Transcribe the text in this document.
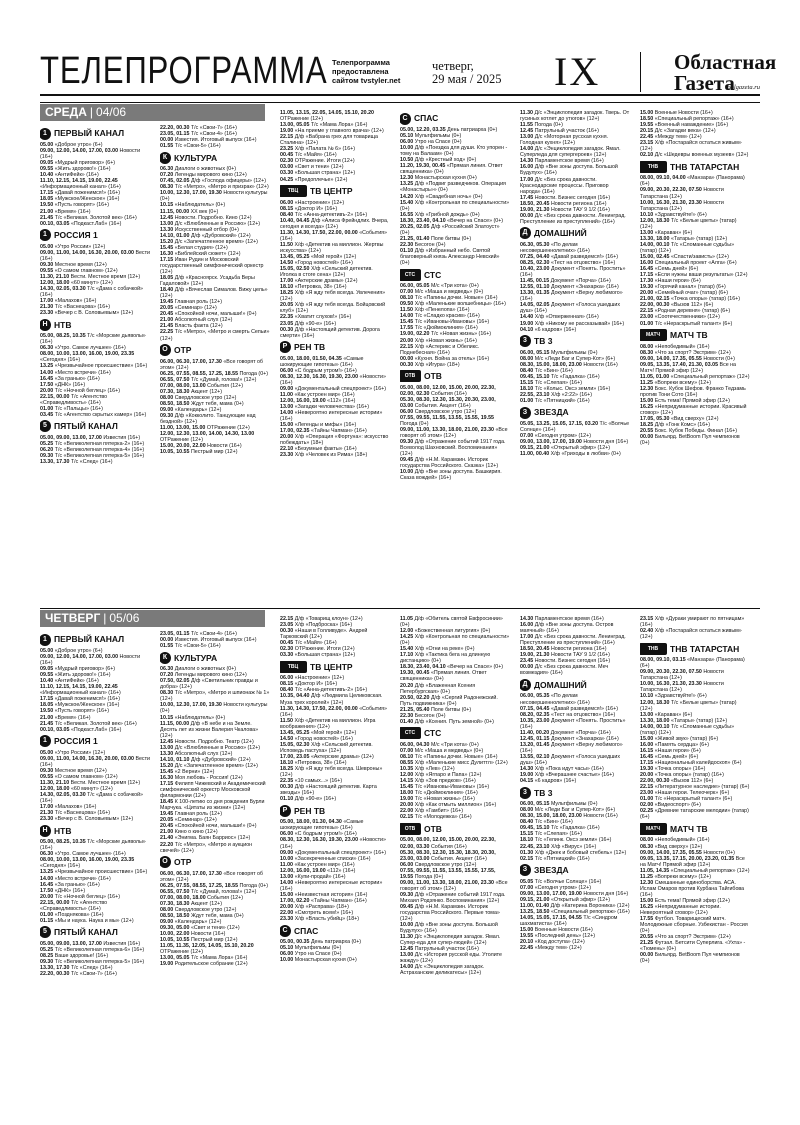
ТЕЛЕПРОГРАММА Телепрограмма предоставлена сайтом tvstyler.net
четверг,
29 мая / 2025 IX	Областная
Газета
oblgazeta.ru
СРЕДА | 04/06
1 ПЕРВЫЙ КАНАЛ

05.00 «Доброе утро» (6+)

09.00, 12.00, 14.00, 17.00, 03.00 Новости (16+)

09.05 «Мудрый приговор» (6+)

09.55 «Жить здорово!» (16+)

10.40 «АнтиФейк» (16+)

11.10, 12.15, 14.15, 19.00, 22.45 «Информационный канал» (16+)

17.15 «Давай поженимся!» (16+)

18.05 «Мужское/Женское» (16+)

19.50 «Пусть говорят» (16+)

21.00 «Время» (16+)

21.45 Т/с «Великая. Золотой век» (16+)

00.10, 03.05 «Подкаст.Лаб» (16+)

1 РОССИЯ 1

05.00 «Утро России» (12+)

09.00, 11.00, 14.00, 16.30, 20.00, 03.00 Вести (16+)

09.30 Местное время (12+)

09.55 «О самом главном» (12+)

11.30, 21.10 Вести. Местное время (12+)

12.00, 18.00 «60 минут» (12+)

14.30, 02.05, 03.30 Т/с «Дама с собачкой» (16+)

17.00 «Малахов» (16+)

21.30 Т/с «Васнецова» (16+)

23.30 «Вечер с В. Соловьевым» (12+)

Н НТВ

05.00, 08.25, 10.35 Т/с «Морские дьяволы» (16+)

06.30 «Утро. Самое лучшее» (16+)

08.00, 10.00, 13.00, 16.00, 19.00, 23.35 «Сегодня» (16+)

13.25 «Чрезвычайное происшествие» (16+)

14.00 «Место встречи» (16+)

16.45 «За гранью» (16+)

17.50 «ДНК» (16+)

20.00 Т/с «Ночной беглец» (16+)

22.15, 00.00 Т/с «Агентство «Справедливость» (16+)

01.00 Т/с «Пальцы» (16+)

03.45 Т/с «Агентство скрытых камер» (16+)

5 ПЯТЫЙ КАНАЛ

05.00, 09.00, 13.00, 17.00 Известия (16+)

05.25 Т/с «Великолепная пятерка-2» (16+)

06.20 Т/с «Великолепная пятерка-4» (16+)

09.30 Т/с «Великолепная пятерка-5» (16+)

13.30, 17.30 Т/с «След» (16+)

22.20, 00.30 Т/с «Свои-7» (16+)

23.05, 01.15 Т/с «Свои-4» (16+)

00.00 Известия. Итоговый выпуск (16+)

01.55 Т/с «Свои-5» (16+)

К КУЛЬТУРА

06.30 Диалоги о животных (0+)

07.20 Легенды мирового кино (12+)

07.45, 02.05 Д/ф «Господа офицеры» (12+)

08.30 Т/с «Метро», «Метро и призрак» (12+)

10.00, 12.30, 17.00, 19.30 Новости культуры (0+)

10.15 «Наблюдатель» (0+)

11.15, 00.00 ХХ век (0+)

12.45 Новости. Подробно. Кино (12+)

13.00 Д/с «Влюбленные в Россию» (12+)

13.30 Искусственный отбор (0+)

14.10, 01.00 Д/ф «Дубровский» (12+)

15.20 Д/с «Запечатленное время» (12+)

15.45 «Белая студия» (12+)

16.30 «Библейский сюжет» (12+)

17.15 Иван Рудин и Московский государственный симфонический оркестр (12+)

18.05 Д/ф «Красноярск. Усадьба Веры Гадаловой» (12+)

18.40 Д/ф «Вячеслав Сималов. Вижу цель» (12+)

19.45 Главная роль (12+)

20.05 «Семинар» (12+)

20.45 «Спокойной ночи, малыши!» (0+)

21.00 Абсолютный слух (12+)

21.45 Власть факта (12+)

22.25 Т/с «Метро», «Метро и смерть Сепьи» (12+)

О ОТР

06.00, 06.30, 17.00, 17.30 «Все говорят об этом» (12+)

06.25, 07.55, 08.55, 17.25, 18.55 Погода (0+)

06.55, 07.50 Т/с «Думай, голова!» (12+)

07.00, 08.00, 13.00 События (12+)

07.30, 18.30 Акцент (12+)

08.00 Свердловское утро (12+)

08.50, 18.50 Ждут тебя, мама (0+)

09.00 «Календарь» (12+)

09.30 Д/ф «Кокколито. Танцующие над бездной» (12+)

11.00, 13.00, 15.00 ОТРажение (12+)

12.00, 12.30, 13.00, 14.00, 14.30, 13.00 ОТРажение (12+)

15.00, 20.00, 22.00 Новости (16+)

10.05, 10.55 Пестрый мир (12+)

11.05, 13.15, 22.05, 14.05, 15.10, 20.20 ОТРажение (12+)

13.00, 05.05 Т/с «Мама Лора» (16+)

19.00 «На приеме у главного врача» (12+)

22.15 Д/ф «Вабрана грех для товарища Сталина» (12+)

23.25 Х/ф «Палата № 6» (16+)

00.45 Т/с «Майя» (16+)

02.30 ОТРажение. Итоги (12+)

03.00 «Свет и тени» (12+)

03.30 «Большая страна» (12+)

04.25 «Предоплечье» (12+)

ТВЦ	ТВ ЦЕНТР

06.00 «Настроение» (12+)

08.15 «Доктор И» (16+)

08.40 Т/с «Анна-детективъ-2» (16+)

10.40, 04.45 Д/ф «Алиса Фрейндлих. Вчера, сегодня и всегда» (12+)

11.30, 14.30, 17.50, 22.00, 00.00 «События» (16+)

11.50 Х/ф «Детектив на миллион. Жертвы искусства» (12+)

13.45, 05.25 «Мой герой» (12+)

14.50 «Город новостей» (16+)

15.05, 02.50 Х/ф «Сельский детектив. Иголка в стоге сена» (12+)

17.00 «Актерские драмы» (12+)

18.10 «Петровка, 38» (16+)

18.25 Х/ф «Я жду тебя всегда. Увлечения» (12+)

20.05 Х/ф «Я жду тебя всегда. Бойцовский клуб» (12+)

22.35 «Хватит слухов!» (16+)

23.05 Д/ф «90-е» (16+)

00.30 Д/ф «Настоящий детектив. Дорога смерти» (16+)

Р РЕН ТВ

05.00, 18.00, 01.50, 04.35 «Самые шокирующие гипотезы» (16+)

06.00 «С бодрым утром!» (16+)

08.30, 12.30, 16.30, 19.30, 23.00 «Новости» (16+)

09.00 «Документальный спецпроект» (16+)

11.00 «Как устроен мир» (16+)

12.00, 16.00, 19.00 «112» (16+)

13.00 «Загадки человечества» (16+)

14.00 «Невероятно интересные истории» (16+)

15.00 «Легенды и мифы» (16+)

17.00, 02.35 «Тайны Чапман» (16+)

20.00 Х/ф «Операция «Фортуна»: искусство побеждать» (18+)

22.10 «Безумные факты» (16+)

23.30 Х/ф «Человек из Рима» (18+)

С СПАС

05.00, 12.20, 03.35 День патриарха (0+)

05.10 Мультфильмы (0+)

06.00 Утро на Спасе (0+)

10.00 Д/ф «Поездка для души. Кто упорен - тому на Валаам» (0+)

10.50 Д/ф «Крестный ход» (0+)

11.20, 19.30, 00.45 «Прямая линия. Ответ священника» (0+)

12.30 Монастырская кухня (0+)

13.25 Д/ф «Подвиг разведчиков. Операция «Монастырь»» (0+)

14.20 Х/ф «Свадебная ночь» (0+)

15.40 Х/ф «Контрольная по специальности» (0+)

16.55 Х/ф «Грибной дождь» (0+)

18.30, 23.40, 04.10 «Вечер на Спасе» (0+)

20.25, 02.05 Д/ф «Российский Златоуст» (0+)

21.25, 01.40 Поле битвы (0+)

22.30 Бесогон (0+)

01.10 Д/ф «Избранный небо. Святой благоверный князь Александр Невский» (0+)

СТС	СТС

06.00, 05.05 М/с «Три кота» (0+)

07.00 М/с «Маша и медведь» (0+)

08.10 Т/с «Папины дочки. Новые» (16+)

09.50 Х/ф «Маленькие волшебницы» (16+)

11.50 Х/ф «Пенелопа» (16+)

14.00 Т/с «Сладко красив» (16+)

15.45 Т/с «Ивановы-Ивановы» (16+)

17.55 Т/с «Дюймоклиния» (16+)

19.00, 02.20 Т/с «Новая жизнь» (16+)

20.00 Х/ф «Новая жизнь» (16+)

22.15 Х/ф «Астерикс и Обеликс. Поднебесная» (16+)

00.00 «Кухня. Война за отель» (16+)

00.30 Х/ф «Игура» (18+)

ОТВ	ОТВ

05.00, 08.00, 12.00, 15.00, 20.00, 22.30, 02.00, 02.30 События (16+)

05.30, 08.30, 12.30, 15.30, 20.30, 23.00, 03.00 События. Акцент (16+)

06.00 Свердловское утро (12+)

07.55, 09.55, 11.55, 13.55, 15.55, 19.55 Погода (0+)

09.00, 11.00, 13.30, 18.00, 21.00, 23.30 «Все говорят об этом» (12+)

09.30 Д/ф «Отражение событий 1917 года. Всеволод Шахновский. Воспоминания» (12+)

09.45 Д/ф «Н.М. Карамзин. Историк государства Российского. Сказка» (12+)

10.00 Д/ф «Вне зоны доступа. Башкирия. Сказа вождей» (16+)

11.30 Д/с «Энциклопедия загадок. Тверь. От гусиных котлет до утюгов» (12+)

11.55 Погода (0+)

12.45 Патрульный участок (16+)

13.00 Д/с «Моторная русская кухня. Голодная кухня» (12+)

14.00 Д/с «Энциклопедия загадок. Ямал. Суперледа для супергероев» (12+)

14.30 Парламентское время (16+)

16.00 Д/ф «Вне зоны доступа. Большой Будулух» (16+)

17.00 Д/с «Без срока давности. Краснодарские процессы. Приговор народа» (16+)

17.45 Новости. Бизнес сегодня (16+)

18.50, 20.45 Новости региона (16+)

19.00, 21.30 Новости ТАУ 9 1/2 (16+)

00.00 Д/с «Без срока давности. Ленинград. Преступление из преступлений» (16+)

Д ДОМАШНИЙ

06.30, 05.30 «По делам несовершеннолетних» (16+)

07.25, 04.40 «Давай разведемся!» (16+)

08.25, 02.30 «Тест на отцовство» (16+)

10.40, 23.00 Документ «Понять. Простить» (16+)

11.45, 00.15 Документ «Порча» (16+)

12.55, 01.10 Документ «Знахарка» (16+)

13.30, 01.35 Документ «Верну любимого» (16+)

14.05, 02.05 Документ «Голоса ушедших душ» (16+)

14.40 Х/ф «Отверженная» (16+)

19.00 Х/ф «Никому не рассказывай» (16+)

04.10 «6 кадров» (16+)

3 ТВ 3

06.00, 05.15 Мультфильмы (0+)

08.00 М/с «Леди Баг и Супер-Кот» (6+)

08.30, 15.00, 18.00, 23.00 Новости (16+)

08.40 Т/с «Бин» (16+)

09.45, 15.10 Т/с «Гадалка» (16+)

15.15 Т/с «Слепая» (16+)

18.10 Т/с «Колыс. Оксэ земли» (16+)

22.55, 23.10 Х/ф «2:22» (16+)

01.00 Т/с «Пятницкий» (16+)

З ЗВЕЗДА

05.05, 13.25, 15.05, 17.15, 03.20 Т/с «Волчье Солнце» (16+)

07.00 «Сегодня утром» (12+)

09.00, 13.00, 17.00, 19.00 Новости дня (16+)

09.15, 21.00 «Открытый эфир» (12+)

11.00, 00.40 Х/ф «Гриходы в любви» (0+)

15.00 Военные Новости (16+)

18.50 «Специальный репортаж» (16+)

19.55 «Военный наваждение» (16+)

20.15 Д/с «Загадки века» (12+)

22.45 «Между тем» (12+)

23.15 Х/ф «Постарайся остаться живым» (12+)

02.10 Д/с «Шедевры военных музеев» (12+)

ТНВ	ТНВ ТАТАРСТАН

08.00, 09.10, 04.00 «Манзара» (Панорама) (6+)

09.00, 20.30, 22.30, 07.50 Новости Татарстана (12+)

10.00, 16.30, 21.30, 23.30 Новости Татарстана (12+)

10.10 «Здравствуйте!» (6+)

12.00, 18.30 Т/с «Белые цветы» (татар) (12+)

13.00 «Караван» (6+)

13.30, 18.00 «Татары» (татар) (12+)

14.00, 00.10 Т/с «Сломанные судьбы» (татар) (12+)

15.00, 02.45 «Спасти/зависть» (12+)

16.00 Специальный проект «Алга» (6+)

16.45 «Семь дней» (6+)

17.15 «Если нужны ваши результаты» (12+)

17.30 «Наши герои» (6+)

19.30 «Горячий канал» (татар) (6+)

20.00 «Семейный очаг» (татар) (6+)

21.00, 02.15 «Точка опоры» (татар) (16+)

22.00, 00.30 «Вызов 112» (6+)

22.15 «Родная деревня» (татар) (6+)

23.00 «Соотечественники» (12+)

01.00 Т/с «Нераскрытый талант» (6+)

МАТЧ	МАТЧ ТВ

08.00 «Непобедимый» (16+)

08.30 «Что за спорт? Экстрим» (12+)

09.00, 14.00, 17.35, 05.55 Новости (0+)

09.05, 13.35, 17.40, 21.30, 03.05 Все на Матч! Прямой эфир (12+)

11.05, 01.00 «Специальный репортаж» (12+)

11.25 «Вопреки всему» (12+)

12.30 Бокс. Кубок Шефов. Франко Тедзамь против Тони Сото (16+)

15.00 Есть тема! Прямой эфир (12+)

16.25 «Непридуманные истории. Красивый сговор» (12+)

17.05, 05.30 «Вид сверху» (12+)

18.25 Д/ф «Гонк Комс» (16+)

20.55 Бокс. Кубок Победы. Финал (16+)

00.00 Бильярд. BetBoom Пул чемпионов (0+)

ЧЕТВЕРГ | 05/06
1 ПЕРВЫЙ КАНАЛ

05.00 «Доброе утро» (6+)

09.00, 12.00, 14.00, 17.00, 03.00 Новости (16+)

09.05 «Мудрый приговор» (6+)

09.55 «Жить здорово!» (16+)

10.40 «АнтиФейк» (16+)

11.10, 12.15, 14.15, 19.00, 22.45 «Информационный канал» (16+)

17.15 «Давай поженимся!» (16+)

18.05 «Мужское/Женское» (16+)

19.50 «Пусть говорят» (16+)

21.00 «Время» (16+)

21.45 Т/с «Великая. Золотой век» (16+)

00.10, 03.05 «Подкаст.Лаб» (16+)

1 РОССИЯ 1

05.00 «Утро России» (12+)

09.00, 11.00, 14.00, 16.30, 20.00, 03.00 Вести (16+)

09.30 Местное время (12+)

09.55 «О самом главном» (12+)

11.30, 21.10 Вести. Местное время (12+)

12.00, 18.00 «60 минут» (12+)

14.30, 02.05, 03.30 Т/с «Дама с собачкой» (16+)

17.00 «Малахов» (16+)

21.30 Т/с «Васнецова» (16+)

23.30 «Вечер с В. Соловьевым» (12+)

Н НТВ

05.00, 08.25, 10.35 Т/с «Морские дьяволы» (16+)

06.30 «Утро. Самое лучшее» (16+)

08.00, 10.00, 13.00, 16.00, 19.00, 23.35 «Сегодня» (16+)

13.25 «Чрезвычайное происшествие» (16+)

14.00 «Место встречи» (16+)

16.45 «За гранью» (16+)

17.50 «ДНК» (16+)

20.00 Т/с «Ночной беглец» (16+)

22.15, 00.00 Т/с «Агентство «Справедливость» (16+)

01.00 «Позднякова» (16+)

01.15 «Мы и наука. Наука и мы» (12+)

5 ПЯТЫЙ КАНАЛ

05.00, 09.00, 13.00, 17.00 Известия (16+)

05.25 Т/с «Великолепная пятерка-6» (16+)

08.25 Ваше здоровье! (16+)

09.30 Т/с «Великолепная пятерка-5» (16+)

13.30, 17.30 Т/с «След» (16+)

22.20, 00.30 Т/с «Свои-7» (16+)

23.05, 01.15 Т/с «Свои-4» (16+)

00.00 Известия. Итоговый выпуск (16+)

01.55 Т/с «Свои-5» (16+)

К КУЛЬТУРА

06.30 Диалоги о животных (0+)

07.20 Легенды мирового кино (12+)

07.50, 02.05 Д/ф «Светильник правды и добра» (12+)

08.30 Т/с «Метро», «Метро и шпионаж № 1» (12+)

10.00, 12.30, 17.00, 19.30 Новости культуры (0+)

10.15 «Наблюдатель» (0+)

11.15, 00.00 Д/ф «В небе и на Земле. Десять лет из жизни Валерия Чкалова» (12+)

12.45 Новости. Подробно. Театр (12+)

13.00 Д/с «Влюбленные в Россию» (12+)

13.30 Абсолютный слух (12+)

14.10, 01.10 Д/ф «Дубровский» (12+)

15.20 Д/с «Запечатленное время» (12+)

15.45 «2 Верни» (12+)

16.30 Моя любовь - Россия! (12+)

17.15 Филипп Чижевский и Академический симфонический оркестр Московской филармонии (12+)

18.45 К 100-летию со дня рождения Бурли Марчука. «Цитаты из жизни» (12+)

19.45 Главная роль (12+)

20.05 «Семинар» (12+)

20.45 «Спокойной ночи, малыши!» (0+)

21.00 Кино о кино (12+)

21.40 «Энигма. Баян Барриос» (12+)

22.20 Т/с «Метро», «Метро и аукцион свечей» (12+)

О ОТР

06.00, 06.30, 17.00, 17.30 «Все говорят об этом» (12+)

06.25, 07.55, 08.55, 17.25, 18.55 Погода (0+)

06.55, 07.50 Т/с «Думай, голова!» (12+)

07.00, 08.00, 18.00 События (12+)

07.30, 18.30 Акцент (12+)

08.00 Свердловское утро (12+)

08.50, 18.50 Ждут тебя, мама (0+)

09.00 «Календарь» (12+)

09.30, 05.00 «Свет и тени» (12+)

10.00, 22.00 Новости (16+)

10.05, 10.55 Пестрый мир (12+)

11.05, 11.35, 12.05, 14.05, 15.10, 20.20 ОТРажение (12+)

13.00, 05.05 Т/с «Мама Лора» (16+)

19.00 Родительское собрание (12+)

22.15 Д/ф «Товарищ клоун» (12+)

23.05 Х/ф «Подброска» (16+)

00.30 «Наши в Голливуде». Андрей Тарковский (12+)

00.45 Т/с «Майя» (16+)

02.30 ОТРажение. Итоги (12+)

03.30 «Большая страна» (12+)

ТВЦ	ТВ ЦЕНТР

06.00 «Настроение» (12+)

08.15 «Доктор И» (16+)

08.40 Т/с «Анна-детективъ-2» (16+)

10.35, 04.40 Д/ф «Людмила Целиковская. Муза трех королей» (12+)

11.30, 14.30, 17.50, 22.00, 00.00 «События» (16+)

11.50 Х/ф «Детектив на миллион. Игра воображения» (12+)

13.45, 05.25 «Мой герой» (12+)

14.50 «Город новостей» (16+)

15.05, 02.30 Х/ф «Сельский детектив. Исповедь пастуха» (12+)

17.00, 23.05 «Актерские драмы» (12+)

18.10 «Петровка, 38» (16+)

18.25 Х/ф «Я жду тебя всегда. Шевроны» (12+)

22.35 «10 самых...» (16+)

00.30 Д/ф «Настоящий детектив. Карта звезды» (16+)

01.10 Д/ф «90-е» (16+)

Р РЕН ТВ

05.00, 18.00, 01.30, 04.30 «Самые шокирующие гипотезы» (16+)

06.00 «С бодрым утром!» (16+)

08.30, 12.30, 16.30, 19.30, 23.00 «Новости» (16+)

09.00 «Документальный спецпроект» (16+)

10.00 «Засекреченные списки» (16+)

11.00 «Как устроен мир» (16+)

12.00, 16.00, 19.00 «112» (16+)

13.00 «Купи-продай» (16+)

14.00 «Невероятно интересные истории» (16+)

15.00 «Неизвестная история» (16+)

17.00, 02.20 «Тайны Чапман» (16+)

20.00 Х/ф «Расправа» (18+)

22.00 «Смотреть всем!» (16+)

23.30 Х/ф «Власть убийц» (18+)

С СПАС

05.00, 00.35 День патриарха (0+)

05.10 Мультфильмы (0+)

06.00 Утро на Спасе (0+)

10.00 Монастырская кухня (0+)

11.05 Д/ф «Обитель святой Евфросинии» (0+)

12.00 «Божественная литургия» (0+)

14.25 Х/ф «Контрольная по специальности» (0+)

15.40 Х/ф «Огни на реке» (0+)

17.10 Х/ф «Тактика бега на длинную дистанцию» (0+)

18.30, 23.40, 04.10 «Вечер на Спасе» (0+)

19.30, 00.45 «Прямая линия. Ответ священника» (0+)

20.20 Д/ф «Блаженная Ксения Петербургская» (0+)

20.50, 02.20 Д/ф «Сергий Радонежский. Путь подвижника» (0+)

21.25, 05.40 Поле битвы (0+)

22.30 Бесогон (0+)

01.40 Д/ф «Ксения. Путь земной» (0+)

СТС	СТС

06.00, 04.30 М/с «Три кота» (0+)

07.00 М/с «Маша и медведь» (0+)

08.10 Т/с «Папины дочки. Новые» (16+)

08.55 Х/ф «Маленькие мисс Дулиттл» (12+)

10.35 Х/ф «Лев» (12+)

12.00 Х/ф «Ягпаро и Папа» (12+)

14.15 Х/ф «Зов предков» (16+)

15.45 Т/с «Ивановы-Ивановы» (16+)

18.00 Т/с «Дюймоклиния» (16+)

19.00 Т/с «Новая жизнь» (16+)

20.00 Х/ф «Как отмыть миллион» (16+)

22.00 Х/ф «Гамбит» (16+)

02.15 Т/с «Молодежка» (16+)

ОТВ	ОТВ

05.00, 08.00, 12.00, 15.00, 20.00, 22.30, 02.00, 03.30 События (16+)

05.30, 08.30, 12.30, 15.30, 18.30, 20.30, 23.00, 03.00 События. Акцент (16+)

06.00 Свердловское утро (12+)

07.55, 09.55, 11.55, 13.55, 15.55, 17.55, 19.55 Погода (0+)

09.00, 11.00, 13.30, 18.00, 21.00, 23.30 «Все говорят об этом» (12+)

09.30 Д/ф «Отражение событий 1917 года. Михаил Родзянко. Воспоминания» (12+)

09.45 Д/ф «Н.М. Карамзин. Историк государства Российского. Первые тома» (12+)

10.00 Д/ф «Вне зоны доступа. Большой Будулух» (16+)

11.30 Д/с «Энциклопедия загадок. Ямал. Супер-еда для супер-людей» (12+)

12.45 Патрульный участок (16+)

13.00 Д/с «История русской еды. Утолите жажду» (12+)

14.00 Д/с «Энциклопедия загадок. Астраханские деликатесы» (12+)

14.30 Парламентское время (16+)

16.00 Д/ф «Вне зоны доступа. Остров маячный» (16+)

17.00 Д/с «Без срока давности. Ленинград. Преступление из преступлений» (16+)

18.50, 20.45 Новости региона (16+)

19.00, 21.30 Новости ТАУ 9 1/2 (16+)

23.45 Новости. Бизнес сегодня (16+)

00.00 Д/с «Без срока давности. Меч возмездия» (16+)

Д ДОМАШНИЙ

06.00, 05.35 «По делам несовершеннолетних» (16+)

07.15, 04.45 «Давай разведемся!» (16+)

08.20, 02.35 «Тест на отцовство» (16+)

10.35, 23.00 Документ «Понять. Простить» (16+)

11.40, 00.20 Документ «Порча» (16+)

12.45, 01.15 Документ «Знахарка» (16+)

13.20, 01.45 Документ «Верну любимого» (16+)

13.55, 02.10 Документ «Голоса ушедших душ» (16+)

14.30 Х/ф «Пока идут часы» (16+)

19.00 Х/ф «Вчерашнее счастье» (16+)

04.15 «6 кадров» (16+)

3 ТВ 3

06.00, 05.15 Мультфильмы (0+)

08.00 М/с «Леди Баг и Супер-Кот» (6+)

08.30, 15.00, 18.00, 23.00 Новости (16+)

08.40 Т/с «Бин» (16+)

09.45, 15.10 Т/с «Гадалка» (16+)

15.15 Т/с «Слепая» (16+)

18.10 Т/с «Гелинк. Оксэ земли» (16+)

22.45, 23.10 Х/ф «Вирус» (16+)

01.30 Х/ф «Джек и бобовый стебель» (12+)

02.15 Т/с «Пятницкий» (16+)

З ЗВЕЗДА

05.05 Т/с «Волчье Солнце» (16+)

07.00 «Сегодня утром» (12+)

09.00, 13.00, 17.00, 19.00 Новости дня (16+)

09.15, 21.00 «Открытый эфир» (12+)

11.00, 01.40 Д/ф «Катерина Вороника» (12+)

13.25, 18.50 «Специальный репортаж» (16+)

14.05, 15.05, 17.15, 04.55 Т/с «Синдром шахматиста» (16+)

15.00 Военные Новости (16+)

19.55 «Последний день» (12+)

20.10 «Код доступа» (12+)

22.45 «Между тем» (12+)

23.15 Х/ф «Дураки умирают по пятницам» (16+)

02.40 Х/ф «Постарайся остаться живым» (12+)

ТНВ	ТНВ ТАТАРСТАН

08.00, 09.10, 03.15 «Манзара» (Панорама) (6+)

09.00, 20.30, 22.30, 07.50 Новости Татарстана (12+)

10.00, 16.30, 21.30, 23.30 Новости Татарстана (12+)

10.10 «Здравствуйте!» (6+)

12.00, 18.30 Т/с «Белые цветы» (татар) (12+)

13.00 «Караван» (6+)

13.30, 18.00 «Татары» (татар) (12+)

14.00, 00.10 Т/с «Сломанные судьбы» (татар) (12+)

15.00 «Живой звук» (татар) (6+)

16.00 «Память сердца» (6+)

16.15 «Наши герои» (6+)

16.45 «Семь дней» (6+)

17.15 «Национальный калейдоскоп» (6+)

19.30 «Точка опоры» (16+)

20.00 «Точка опоры» (татар) (16+)

22.00, 00.30 «Вызов 112» (6+)

22.15 «Литературное наследие» (татар) (6+)

23.00 «Наши герои. Телеочерк» (6+)

01.00 Т/с «Нераскрытый талант» (6+)

02.00 «Видеоспорт» (6+)

02.25 «Древние татарские мелодии» (татар) (6+)

МАТЧ	МАТЧ ТВ

08.00 «Непобедимый» (16+)

08.30 «Вид сверху» (12+)

09.00, 14.00, 17.35, 05.55 Новости (0+)

09.05, 13.35, 17.15, 20.00, 23.20, 01.35 Все на Матч! Прямой эфир (12+)

11.05, 14.35 «Специальный репортаж» (12+)

11.25 «Вопреки всему» (12+)

12.30 Смешанные единоборства. АСА. Ислам Омаров против Курбана Тайгибова (16+)

15.00 Есть тема! Прямой эфир (12+)

16.25 «Непридуманные истории. Невероятный сговор» (12+)

17.55 Футбол. Товарищеский матч. Молодежные сборные. Узбекистан - Россия (0+)

20.55 «Что за спорт? Экстрим» (12+)

21.25 Футзал. Бетсити Суперлига. «Ухта» - «Тюмень» (0+)

00.00 Бильярд. BetBoom Пул чемпионов (0+)
